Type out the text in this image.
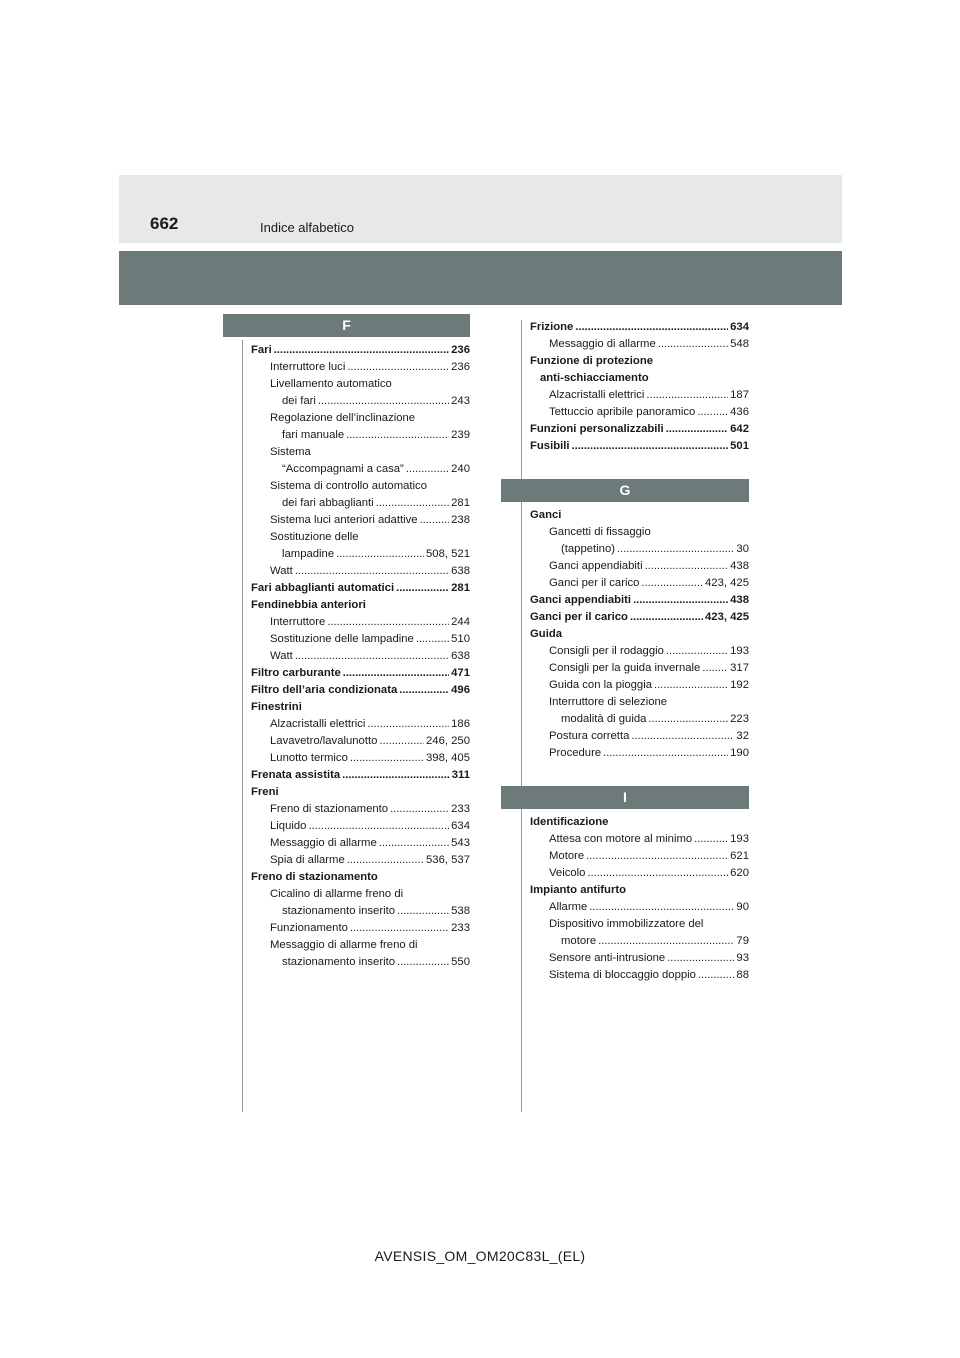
662	Indice alfabetico
F
Fari . . .	236
Interruttore luci . . .	236
Livellamento automatico
dei fari . . .	243
Regolazione dell’inclinazione
fari manuale . . .	239
Sistema
“Accompagnami a casa” . . .	240
Sistema di controllo automatico
dei fari abbaglianti . . .	281
Sistema luci anteriori adattive . . .	238
Sostituzione delle
lampadine . . .	508, 521
Watt . . .	638
Fari abbaglianti automatici . . .	281
Fendinebbia anteriori
Interruttore . . .	244
Sostituzione delle lampadine . . .	510
Watt . . .	638
Filtro carburante . . .	471
Filtro dell’aria condizionata . . .	496
Finestrini
Alzacristalli elettrici . . .	186
Lavavetro/lavalunotto . . .	246, 250
Lunotto termico . . .	398, 405
Frenata assistita . . .	311
Freni
Freno di stazionamento . . .	233
Liquido . . .	634
Messaggio di allarme . . .	543
Spia di allarme . . .	536, 537
Freno di stazionamento
Cicalino di allarme freno di
stazionamento inserito . . .	538
Funzionamento . . .	233
Messaggio di allarme freno di
stazionamento inserito . . .	550
Frizione . . .	634
Messaggio di allarme . . .	548
Funzione di protezione
anti-schiacciamento
Alzacristalli elettrici . . .	187
Tettuccio apribile panoramico . . .	436
Funzioni personalizzabili . . .	642
Fusibili . . .	501
G
Ganci
Gancetti di fissaggio
(tappetino) . . .	30
Ganci appendiabiti . . .	438
Ganci per il carico . . .	423, 425
Ganci appendiabiti . . .	438
Ganci per il carico . . .	423, 425
Guida
Consigli per il rodaggio . . .	193
Consigli per la guida invernale . . .	317
Guida con la pioggia . . .	192
Interruttore di selezione
modalità di guida . . .	223
Postura corretta . . .	32
Procedure . . .	190
I
Identificazione
Attesa con motore al minimo . . .	193
Motore . . .	621
Veicolo . . .	620
Impianto antifurto
Allarme . . .	90
Dispositivo immobilizzatore del
motore . . .	79
Sensore anti-intrusione . . .	93
Sistema di bloccaggio doppio . . .	88
AVENSIS_OM_OM20C83L_(EL)
